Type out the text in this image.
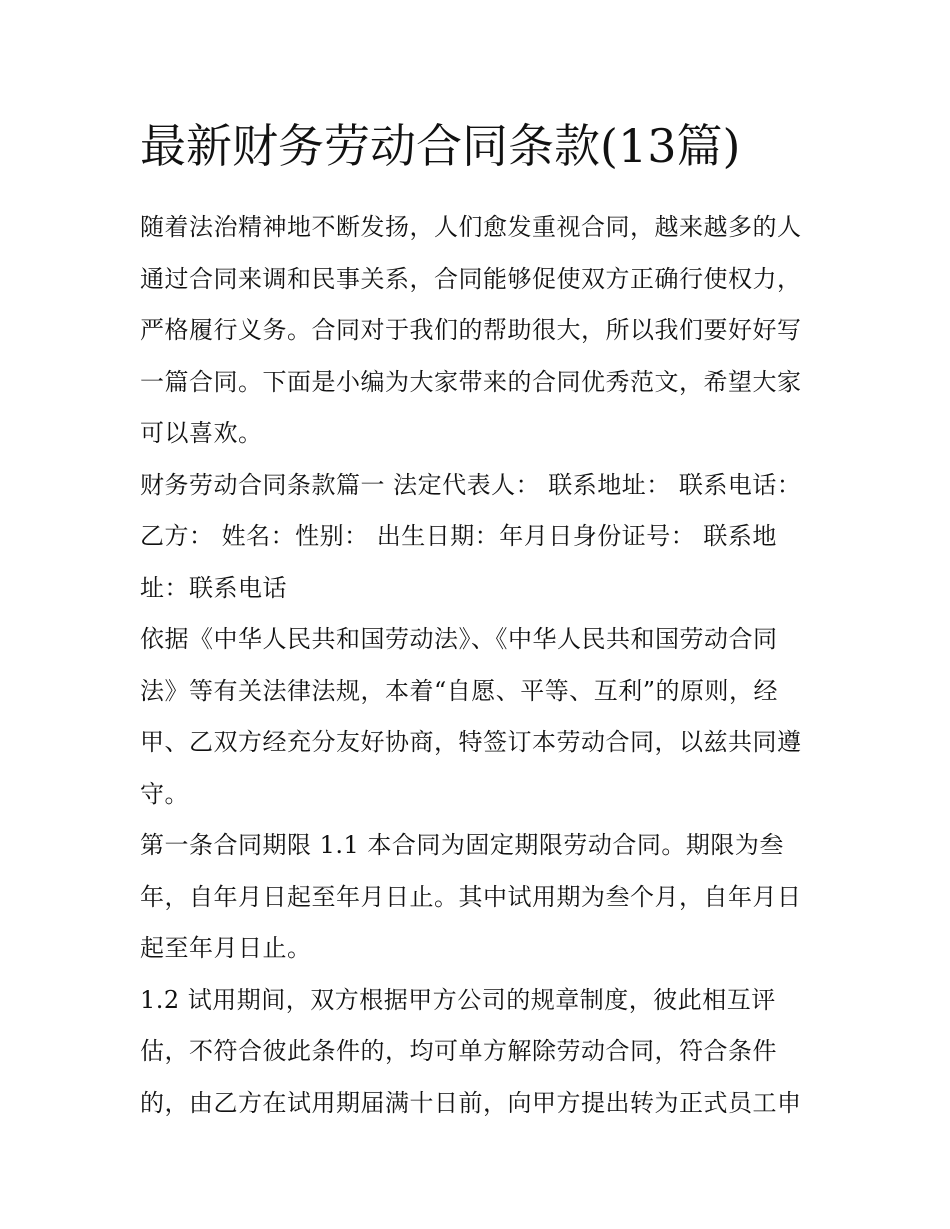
最新财务劳动合同条款(13篇)
随着法治精神地不断发扬，人们愈发重视合同，越来越多的人
通过合同来调和民事关系，合同能够促使双方正确行使权力，
严格履行义务。合同对于我们的帮助很大，所以我们要好好写
一篇合同。下面是小编为大家带来的合同优秀范文，希望大家
可以喜欢。
财务劳动合同条款篇一 法定代表人： 联系地址： 联系电话：
乙方： 姓名：性别： 出生日期：年月日身份证号： 联系地
址：联系电话
依据《中华人民共和国劳动法》、《中华人民共和国劳动合同
法》等有关法律法规，本着“自愿、平等、互利”的原则，经
甲、乙双方经充分友好协商，特签订本劳动合同，以兹共同遵
守。
第一条合同期限 1.1 本合同为固定期限劳动合同。期限为叁
年，自年月日起至年月日止。其中试用期为叁个月，自年月日
起至年月日止。
1.2 试用期间，双方根据甲方公司的规章制度，彼此相互评
估，不符合彼此条件的，均可单方解除劳动合同，符合条件
的，由乙方在试用期届满十日前，向甲方提出转为正式员工申
